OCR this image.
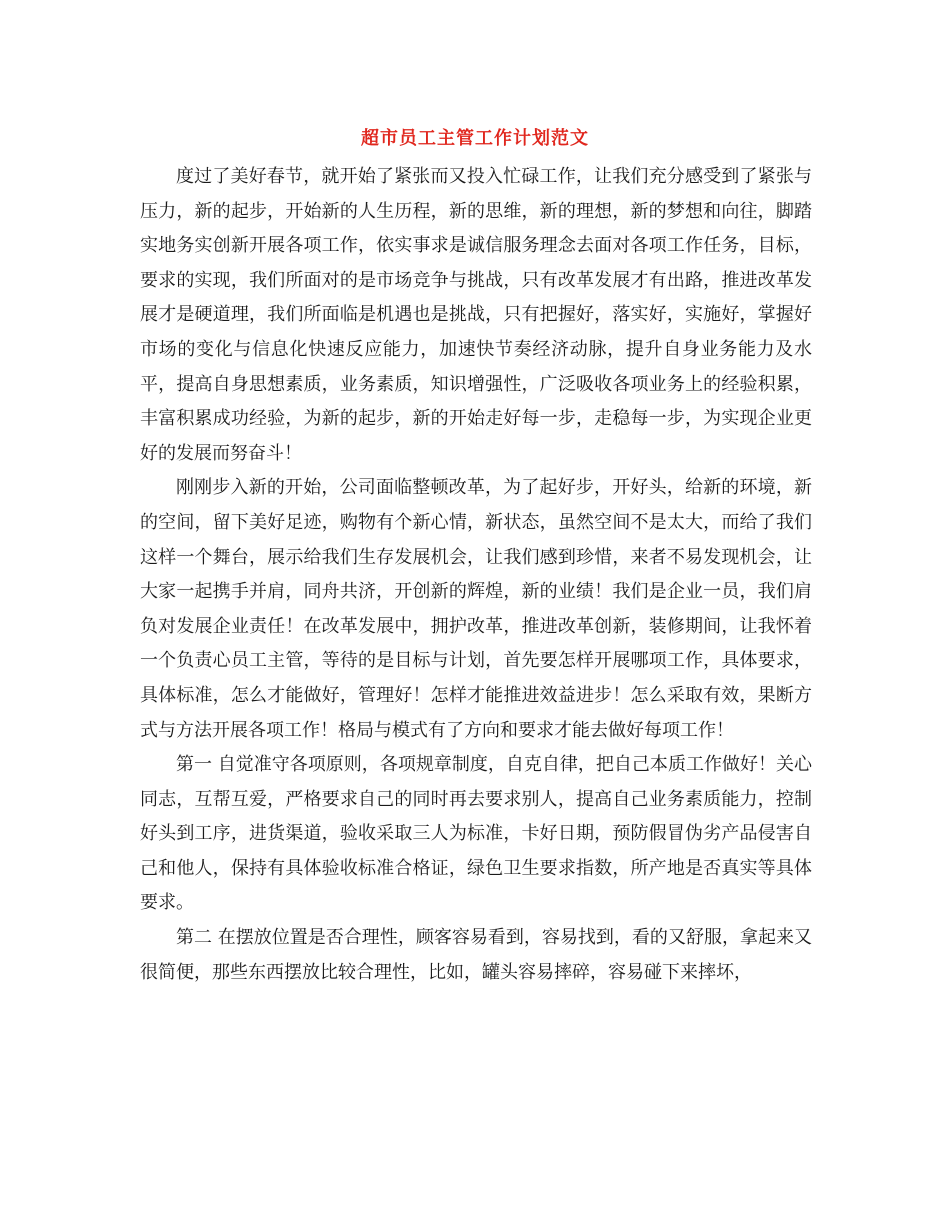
超市员工主管工作计划范文

度过了美好春节，就开始了紧张而又投入忙碌工作，让我们充分感受到了紧张与压力，新的起步，开始新的人生历程，新的思维，新的理想，新的梦想和向往，脚踏实地务实创新开展各项工作，依实事求是诚信服务理念去面对各项工作任务，目标，要求的实现，我们所面对的是市场竞争与挑战，只有改革发展才有出路，推进改革发展才是硬道理，我们所面临是机遇也是挑战，只有把握好，落实好，实施好，掌握好市场的变化与信息化快速反应能力，加速快节奏经济动脉，提升自身业务能力及水平，提高自身思想素质，业务素质，知识增强性，广泛吸收各项业务上的经验积累，丰富积累成功经验，为新的起步，新的开始走好每一步，走稳每一步，为实现企业更好的发展而努奋斗！

刚刚步入新的开始，公司面临整顿改革，为了起好步，开好头，给新的环境，新的空间，留下美好足迹，购物有个新心情，新状态，虽然空间不是太大，而给了我们这样一个舞台，展示给我们生存发展机会，让我们感到珍惜，来者不易发现机会，让大家一起携手并肩，同舟共济，开创新的辉煌，新的业绩！我们是企业一员，我们肩负对发展企业责任！在改革发展中，拥护改革，推进改革创新，装修期间，让我怀着一个负责心员工主管，等待的是目标与计划，首先要怎样开展哪项工作，具体要求，具体标准，怎么才能做好，管理好！怎样才能推进效益进步！怎么采取有效，果断方式与方法开展各项工作！格局与模式有了方向和要求才能去做好每项工作！

第一 自觉准守各项原则，各项规章制度，自克自律，把自己本质工作做好！关心同志，互帮互爱，严格要求自己的同时再去要求别人，提高自己业务素质能力，控制好头到工序，进货渠道，验收采取三人为标准，卡好日期，预防假冒伪劣产品侵害自己和他人，保持有具体验收标准合格证，绿色卫生要求指数，所产地是否真实等具体要求。

第二 在摆放位置是否合理性，顾客容易看到，容易找到，看的又舒服，拿起来又很简便，那些东西摆放比较合理性，比如，罐头容易摔碎，容易碰下来摔坏，
